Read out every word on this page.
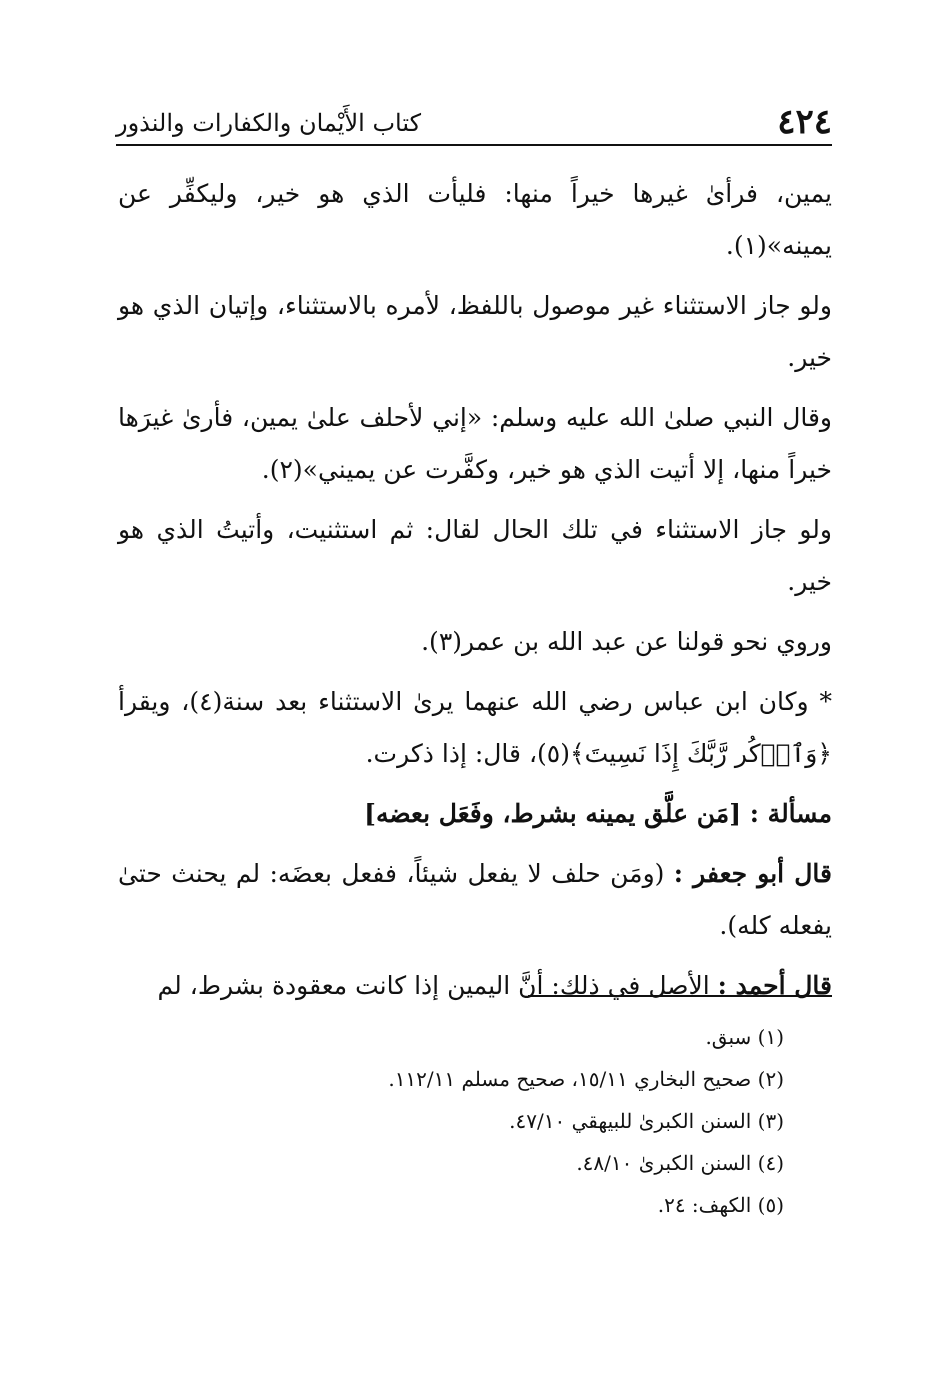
٤٢٤
كتاب الأَيْمان والكفارات والنذور

يمين، فرأىٰ غيرها خيراً منها: فليأت الذي هو خير، وليكفِّر عن يمينه»(١).

ولو جاز الاستثناء غير موصول باللفظ، لأمره بالاستثناء، وإتيان الذي هو خير.

وقال النبي صلىٰ الله عليه وسلم: «إني لأحلف علىٰ يمين، فأرىٰ غيرَها خيراً منها، إلا أتيت الذي هو خير، وكفَّرت عن يميني»(٢).

ولو جاز الاستثناء في تلك الحال لقال: ثم استثنيت، وأتيتُ الذي هو خير.

وروي نحو قولنا عن عبد الله بن عمر(٣).

* وكان ابن عباس رضي الله عنهما يرىٰ الاستثناء بعد سنة(٤)، ويقرأ ﴿وَٱذۡكُر رَّبَّكَ إِذَا نَسِيتَ﴾(٥)، قال: إذا ذكرت.

مسألة : [مَن علَّق يمينه بشرط، وفَعَل بعضه]

قال أبو جعفر : (ومَن حلف لا يفعل شيئاً، ففعل بعضَه: لم يحنث حتىٰ يفعله كله).

قال أحمد : الأصل في ذلك: أنَّ اليمين إذا كانت معقودة بشرط، لم

(١) سبق.
(٢) صحيح البخاري ١٥/١١، صحيح مسلم ١١٢/١١.
(٣) السنن الكبرىٰ للبيهقي ٤٧/١٠.
(٤) السنن الكبرىٰ ٤٨/١٠.
(٥) الكهف: ٢٤.
